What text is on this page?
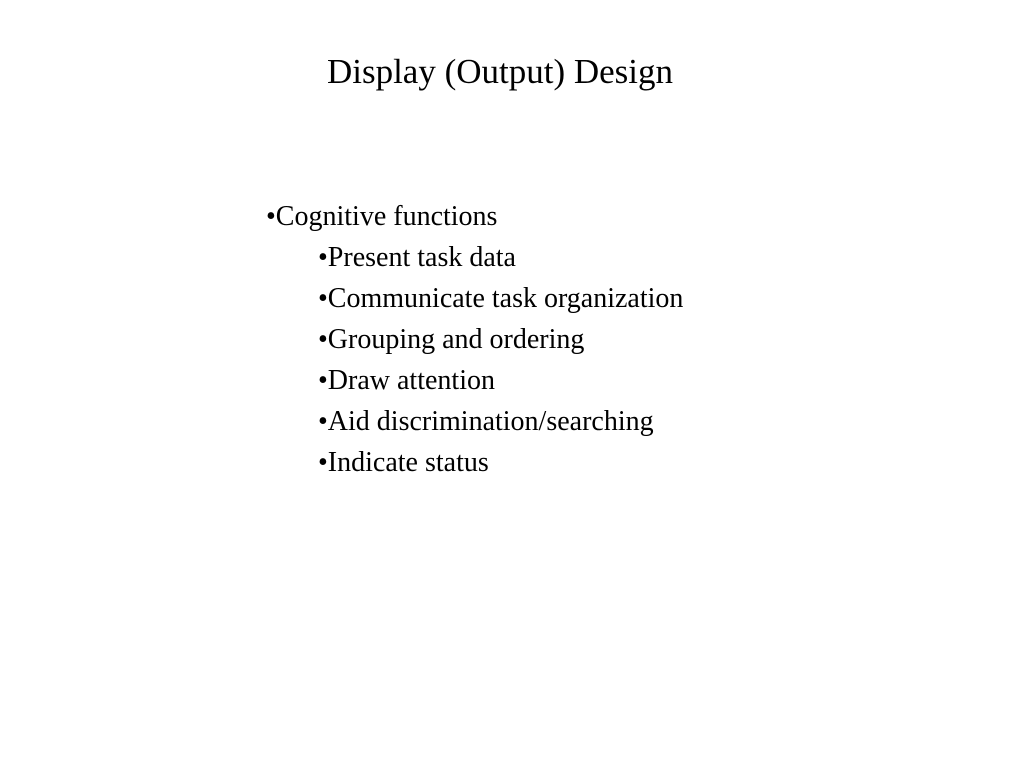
Display (Output) Design
•Cognitive functions
•Present task data
•Communicate task organization
•Grouping and ordering
•Draw attention
•Aid discrimination/searching
•Indicate status
